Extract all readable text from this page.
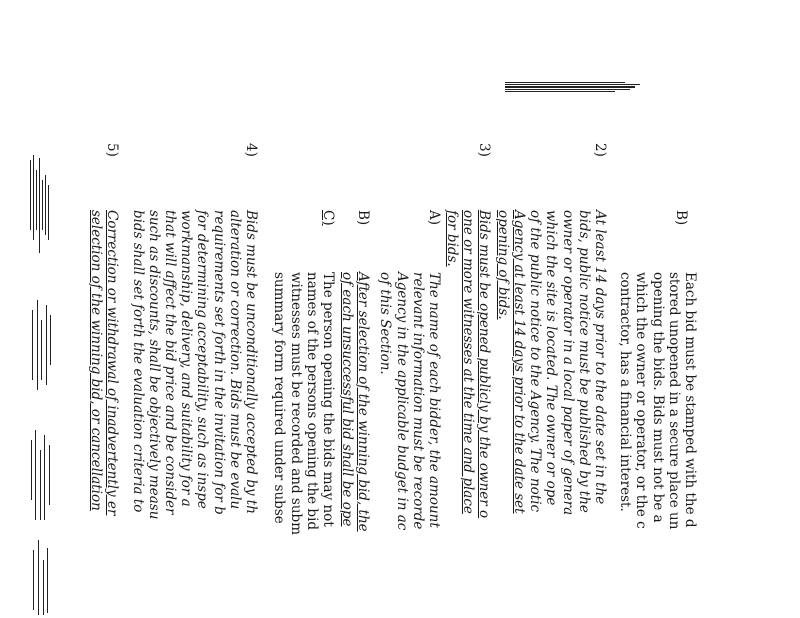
B)
Each bid must be stamped with the d
stored unopened in a secure place un
opening the bids. Bids must not be a
which the owner or operator, or the c
contractor, has a financial interest.
2)
At least 14 days prior to the date set in the
bids, public notice must be published by the
owner or operator in a local paper of genera
which the site is located. The owner or ope
of the public notice to the Agency. The notic
Agency at least 14 days prior to the date set
opening of bids.
3)
Bids must be opened publicly by the owner o
one or more witnesses at the time and place
for bids.
A)
The name of each bidder, the amount
relevant information must be recorde
Agency in the applicable budget in ac
of this Section.
B)
After selection of the winning bid, the
of each unsuccessful bid shall be ope
C)
The person opening the bids may not
names of the persons opening the bid
witnesses must be recorded and subm
summary form required under subse
4)
Bids must be unconditionally accepted by th
alteration or correction. Bids must be evalu
requirements set forth in the invitation for b
for determining acceptability, such as inspe
workmanship, delivery, and suitability for a
that will affect the bid price and be consider
such as discounts, shall be objectively measu
bids shall set forth the evaluation criteria to
5)
Correction or withdrawal of inadvertently er
selection of the winning bid, or cancellation
